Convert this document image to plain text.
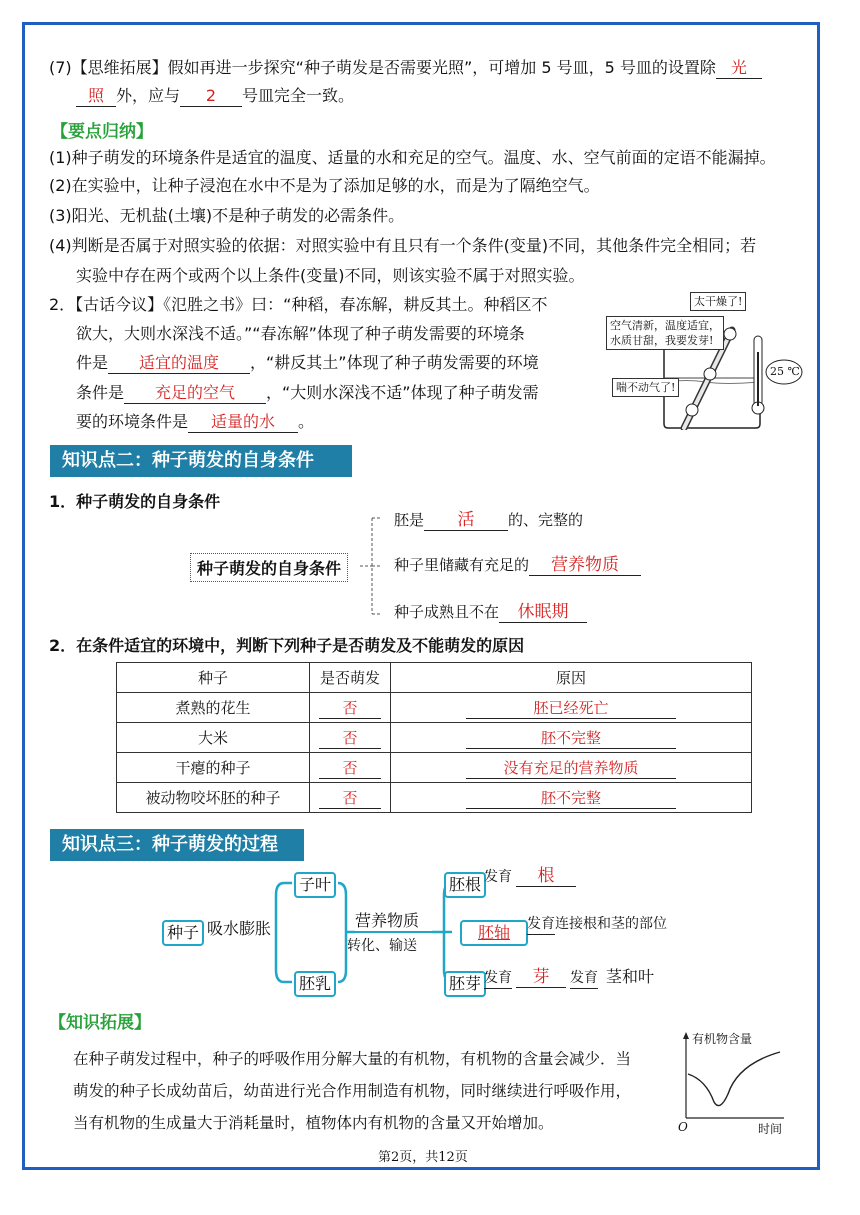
(7)【思维拓展】假如再进一步探究“种子萌发是否需要光照”，可增加 5 号皿，5 号皿的设置除 光
照 外，应与 2 号皿完全一致。
【要点归纳】
(1)种子萌发的环境条件是适宜的温度、适量的水和充足的空气。温度、水、空气前面的定语不能漏掉。
(2)在实验中，让种子浸泡在水中不是为了添加足够的水，而是为了隔绝空气。
(3)阳光、无机盐(土壤)不是种子萌发的必需条件。
(4)判断是否属于对照实验的依据：对照实验中有且只有一个条件(变量)不同，其他条件完全相同；若
实验中存在两个或两个以上条件(变量)不同，则该实验不属于对照实验。
2．【古话今议】《氾胜之书》曰：“种稻，春冻解，耕反其土。种稻区不
欲大，大则水深浅不适。”“春冻解”体现了种子萌发需要的环境条
件是 适宜的温度 ，“耕反其土”体现了种子萌发需要的环境
条件是 充足的空气 ，“大则水深浅不适”体现了种子萌发需
要的环境条件是 适量的水 。
太干燥了!
空气清新，温度适宜，
水质甘甜，我要发芽!
喘不动气了!
25 ℃
知识点二：种子萌发的自身条件
1．种子萌发的自身条件
种子萌发的自身条件
胚是 活 的、完整的
种子里储藏有充足的 营养物质
种子成熟且不在 休眠期
2．在条件适宜的环境中，判断下列种子是否萌发及不能萌发的原因
种子	是否萌发	原因
煮熟的花生	否	胚已经死亡
大米	否	胚不完整
干瘪的种子	否	没有充足的营养物质
被动物咬坏胚的种子	否	胚不完整
知识点三：种子萌发的过程
种子 吸水膨胀
子叶
胚乳
营养物质
转化、输送
胚根
胚轴
胚芽
发育 根
发育连接根和茎的部位
发育 芽 发育 茎和叶
【知识拓展】
在种子萌发过程中，种子的呼吸作用分解大量的有机物，有机物的含量会减少．当
萌发的种子长成幼苗后，幼苗进行光合作用制造有机物，同时继续进行呼吸作用，
当有机物的生成量大于消耗量时，植物体内有机物的含量又开始增加。
有机物含量
O	时间
第2页，共12页
